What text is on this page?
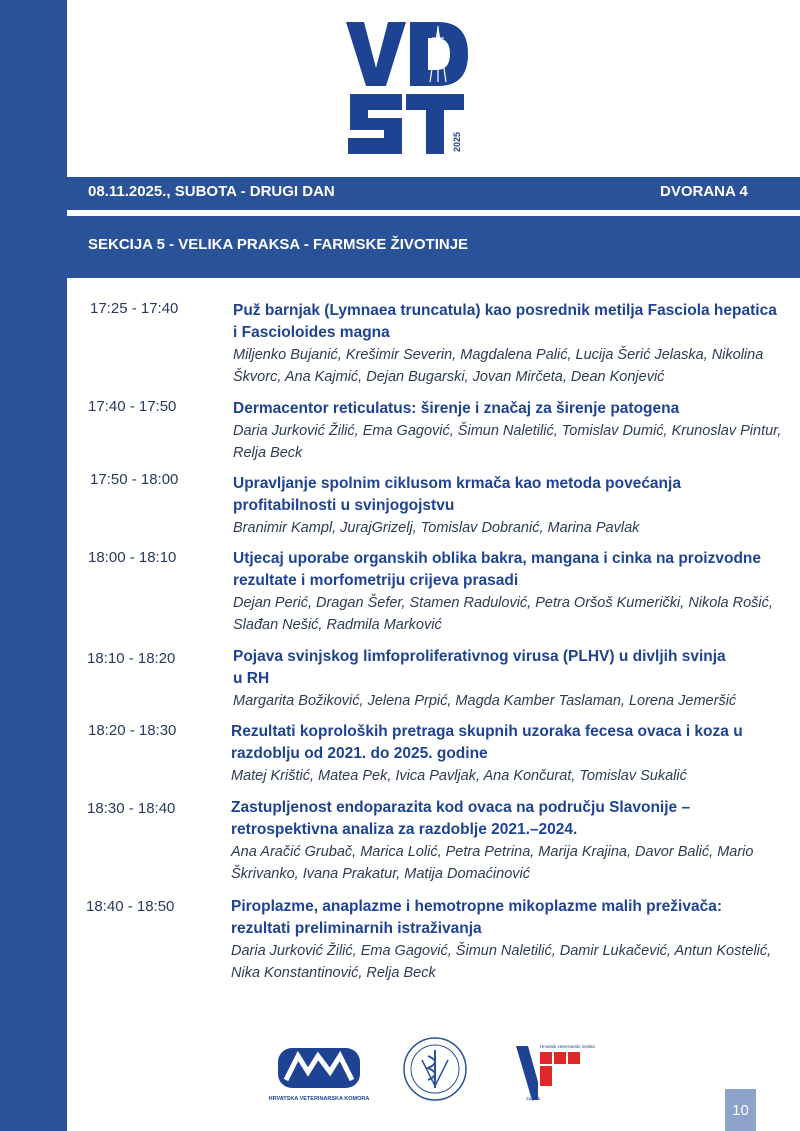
2025
08.11.2025., SUBOTA - DRUGI DAN	DVORANA 4
SEKCIJA 5 - VELIKA PRAKSA - FARMSKE ŽIVOTINJE
17:25 - 17:40	Puž barnjak (Lymnaea truncatula) kao posrednik metilja Fasciola hepatica i Fascioloides magna
Miljenko Bujanić, Krešimir Severin, Magdalena Palić, Lucija Šerić Jelaska, Nikolina Škvorc, Ana Kajmić, Dejan Bugarski, Jovan Mirčeta, Dean Konjević
17:40 - 17:50	Dermacentor reticulatus: širenje i značaj za širenje patogena
Daria Jurković Žilić, Ema Gagović, Šimun Naletilić, Tomislav Dumić, Krunoslav Pintur, Relja Beck
17:50 - 18:00	Upravljanje spolnim ciklusom krmača kao metoda povećanja profitabilnosti u svinjogojstvu
Branimir Kampl, JurajGrizelj, Tomislav Dobranić, Marina Pavlak
18:00 - 18:10	Utjecaj uporabe organskih oblika bakra, mangana i cinka na proizvodne rezultate i morfometriju crijeva prasadi
Dejan Perić, Dragan Šefer, Stamen Radulović, Petra Oršoš Kumerički, Nikola Rošić, Slađan Nešić, Radmila Marković
18:10 - 18:20	Pojava svinjskog limfoproliferativnog virusa (PLHV) u divljih svinja u RH
Margarita Božiković, Jelena Prpić, Magda Kamber Taslaman, Lorena Jemeršić
18:20 - 18:30	Rezultati koproloških pretraga skupnih uzoraka fecesa ovaca i koza u razdoblju od 2021. do 2025. godine
Matej Krištić, Matea Pek, Ivica Pavljak, Ana Končurat, Tomislav Sukalić
18:30 - 18:40	Zastupljenost endoparazita kod ovaca na području Slavonije – retrospektivna analiza za razdoblje 2021.–2024.
Ana Aračić Grubač, Marica Lolić, Petra Petrina, Marija Krajina, Davor Balić, Mario Škrivanko, Ivana Prakatur, Matija Domaćinović
18:40 - 18:50	Piroplazme, anaplazme i hemotropne mikoplazme malih preživača: rezultati preliminarnih istraživanja
Daria Jurković Žilić, Ema Gagović, Šimun Naletilić, Damir Lukačević, Antun Kostelić, Nika Konstantinović, Relja Beck
HRVATSKA VETERINARSKA KOMORA
Hrvatski veterinarski institut
Zagreb
10
